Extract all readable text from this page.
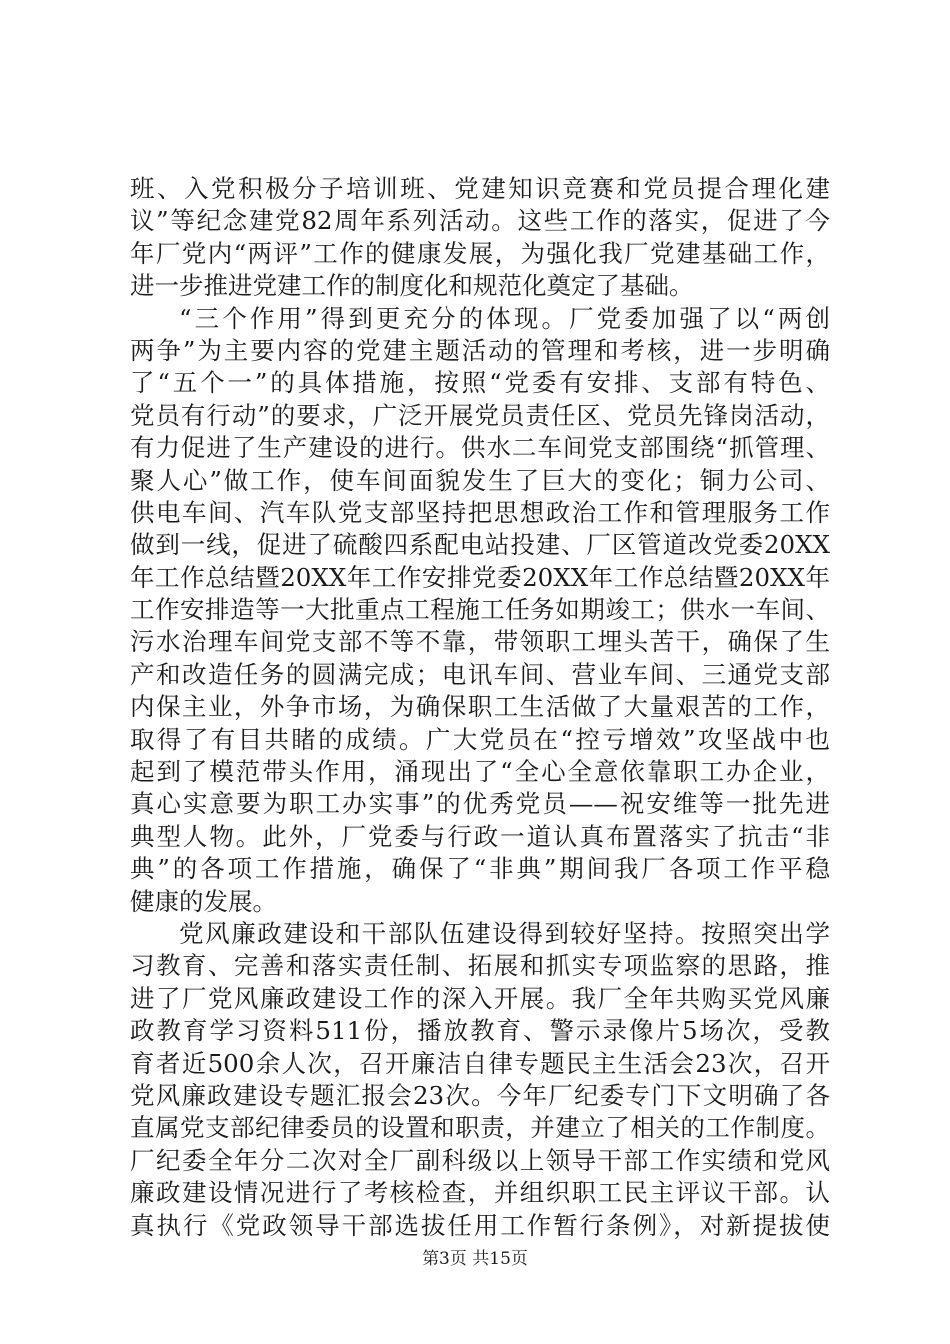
班、入党积极分子培训班、党建知识竞赛和党员提合理化建
议”等纪念建党82周年系列活动。这些工作的落实，促进了今
年厂党内“两评”工作的健康发展，为强化我厂党建基础工作，
进一步推进党建工作的制度化和规范化奠定了基础。
“三个作用”得到更充分的体现。厂党委加强了以“两创
两争”为主要内容的党建主题活动的管理和考核，进一步明确
了“五个一”的具体措施，按照“党委有安排、支部有特色、
党员有行动”的要求，广泛开展党员责任区、党员先锋岗活动，
有力促进了生产建设的进行。供水二车间党支部围绕“抓管理、
聚人心”做工作，使车间面貌发生了巨大的变化；铜力公司、
供电车间、汽车队党支部坚持把思想政治工作和管理服务工作
做到一线，促进了硫酸四系配电站投建、厂区管道改党委20XX
年工作总结暨20XX年工作安排党委20XX年工作总结暨20XX年
工作安排造等一大批重点工程施工任务如期竣工；供水一车间、
污水治理车间党支部不等不靠，带领职工埋头苦干，确保了生
产和改造任务的圆满完成；电讯车间、营业车间、三通党支部
内保主业，外争市场，为确保职工生活做了大量艰苦的工作，
取得了有目共睹的成绩。广大党员在“控亏增效”攻坚战中也
起到了模范带头作用，涌现出了“全心全意依靠职工办企业，
真心实意要为职工办实事”的优秀党员——祝安维等一批先进
典型人物。此外，厂党委与行政一道认真布置落实了抗击“非
典”的各项工作措施，确保了“非典”期间我厂各项工作平稳
健康的发展。
党风廉政建设和干部队伍建设得到较好坚持。按照突出学
习教育、完善和落实责任制、拓展和抓实专项监察的思路，推
进了厂党风廉政建设工作的深入开展。我厂全年共购买党风廉
政教育学习资料511份，播放教育、警示录像片5场次，受教
育者近500余人次，召开廉洁自律专题民主生活会23次，召开
党风廉政建设专题汇报会23次。今年厂纪委专门下文明确了各
直属党支部纪律委员的设置和职责，并建立了相关的工作制度。
厂纪委全年分二次对全厂副科级以上领导干部工作实绩和党风
廉政建设情况进行了考核检查，并组织职工民主评议干部。认
真执行《党政领导干部选拔任用工作暂行条例》，对新提拔使
第3页 共15页
